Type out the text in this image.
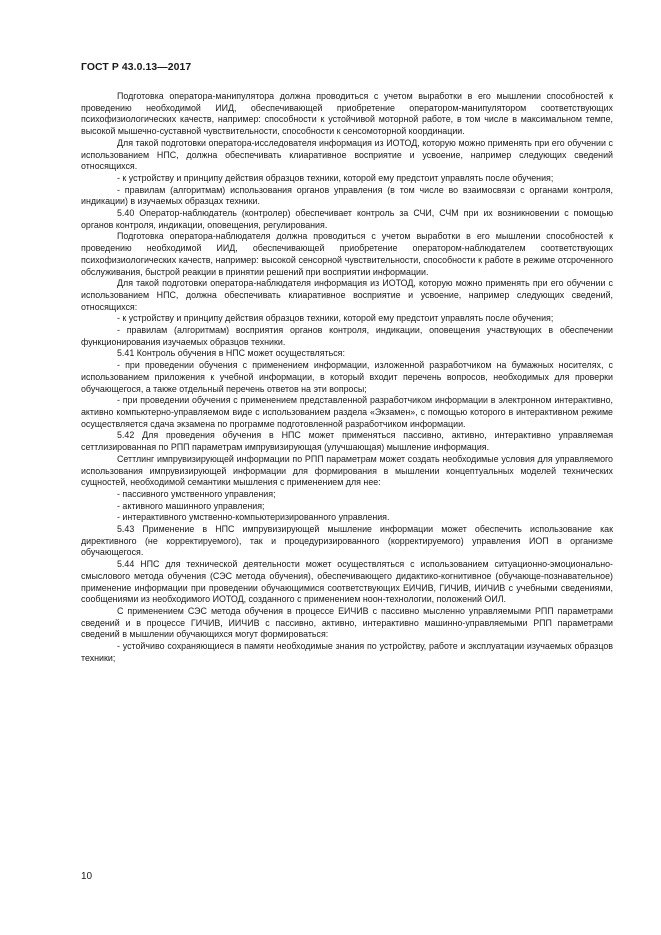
ГОСТ Р 43.0.13—2017

Подготовка оператора-манипулятора должна проводиться с учетом выработки в его мышлении способностей к проведению необходимой ИИД, обеспечивающей приобретение оператором-манипулятором соответствующих психофизиологических качеств, например: способности к устойчивой моторной работе, в том числе в максимальном темпе, высокой мышечно-суставной чувствительности, способности к сенсомоторной координации.

Для такой подготовки оператора-исследователя информация из ИОТОД, которую можно применять при его обучении с использованием НПС, должна обеспечивать клиаративное восприятие и усвоение, например следующих сведений относящихся.

- к устройству и принципу действия образцов техники, которой ему предстоит управлять после обучения;

- правилам (алгоритмам) использования органов управления (в том числе во взаимосвязи с органами контроля, индикации) в изучаемых образцах техники.

5.40 Оператор-наблюдатель (контролер) обеспечивает контроль за СЧИ, СЧМ при их возникновении с помощью органов контроля, индикации, оповещения, регулирования.

Подготовка оператора-наблюдателя должна проводиться с учетом выработки в его мышлении способностей к проведению необходимой ИИД, обеспечивающей приобретение оператором-наблюдателем соответствующих психофизиологических качеств, например: высокой сенсорной чувствительности, способности к работе в режиме отсроченного обслуживания, быстрой реакции в принятии решений при восприятии информации.

Для такой подготовки оператора-наблюдателя информация из ИОТОД, которую можно применять при его обучении с использованием НПС, должна обеспечивать клиаративное восприятие и усвоение, например следующих сведений, относящихся:

- к устройству и принципу действия образцов техники, которой ему предстоит управлять после обучения;

- правилам (алгоритмам) восприятия органов контроля, индикации, оповещения участвующих в обеспечении функционирования изучаемых образцов техники.

5.41 Контроль обучения в НПС может осуществляться:

- при проведении обучения с применением информации, изложенной разработчиком на бумажных носителях, с использованием приложения к учебной информации, в который входит перечень вопросов, необходимых для проверки обучающегося, а также отдельный перечень ответов на эти вопросы;

- при проведении обучения с применением представленной разработчиком информации в электронном интерактивно, активно компьютерно-управляемом виде с использованием раздела «Экзамен», с помощью которого в интерактивном режиме осуществляется сдача экзамена по программе подготовленной разработчиком информации.

5.42 Для проведения обучения в НПС может применяться пассивно, активно, интерактивно управляемая сеттлизированная по РПП параметрам импрувизирующая (улучшающая) мышление информация.

Сеттлинг импрувизирующей информации по РПП параметрам может создать необходимые условия для управляемого использования импрувизирующей информации для формирования в мышлении концептуальных моделей технических сущностей, необходимой семантики мышления с применением для нее:

- пассивного умственного управления;

- активного машинного управления;

- интерактивного умственно-компьютеризированного управления.

5.43 Применение в НПС импрувизирующей мышление информации может обеспечить использование как директивного (не корректируемого), так и процедуризированного (корректируемого) управления ИОП в организме обучающегося.

5.44 НПС для технической деятельности может осуществляться с использованием ситуационно-эмоционально-смыслового метода обучения (СЭС метода обучения), обеспечивающего дидактико-когнитивное (обучающе-познавательное) применение информации при проведении обучающимися соответствующих ЕИЧИВ, ГИЧИВ, ИИЧИВ с учебными сведениями, сообщениями из необходимого ИОТОД, созданного с применением ноон-технологии, положений ОИЛ.

С применением СЭС метода обучения в процессе ЕИЧИВ с пассивно мысленно управляемыми РПП параметрами сведений и в процессе ГИЧИВ, ИИЧИВ с пассивно, активно, интерактивно машинно-управляемыми РПП параметрами сведений в мышлении обучающихся могут формироваться:

- устойчиво сохраняющиеся в памяти необходимые знания по устройству, работе и эксплуатации изучаемых образцов техники;

10
